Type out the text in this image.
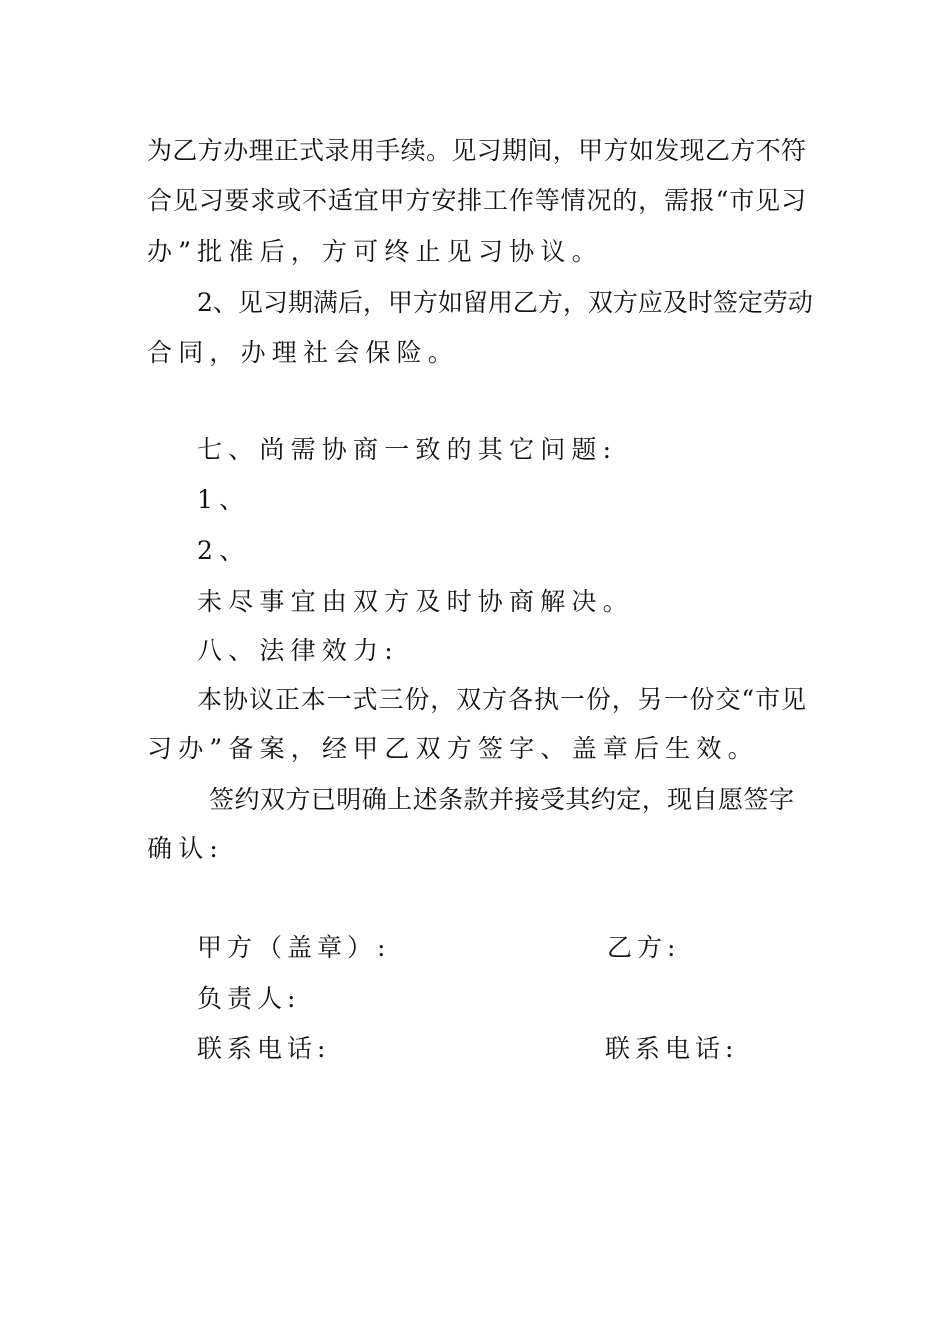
为乙方办理正式录用手续。见习期间，甲方如发现乙方不符
合见习要求或不适宜甲方安排工作等情况的，需报“市见习
办”批准后，方可终止见习协议。
2、见习期满后，甲方如留用乙方，双方应及时签定劳动
合同，办理社会保险。
七、尚需协商一致的其它问题:
1、
2、
未尽事宜由双方及时协商解决。
八、法律效力:
本协议正本一式三份，双方各执一份，另一份交“市见
习办”备案，经甲乙双方签字、盖章后生效。
签约双方已明确上述条款并接受其约定，现自愿签字
确认:
甲方（盖章）:	乙方:
负责人:
联系电话:	联系电话:
